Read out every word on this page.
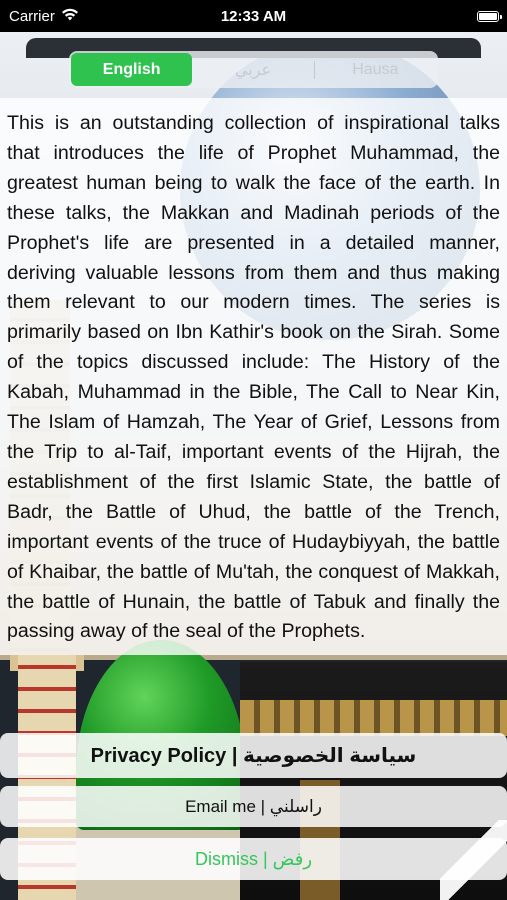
Carrier	12:33 AM
English	عربي	Hausa
This is an outstanding collection of inspirational talks that introduces the life of Prophet Muhammad, the greatest human being to walk the face of the earth. In these talks, the Makkan and Madinah periods of the Prophet's life are presented in a detailed manner, deriving valuable lessons from them and thus making them relevant to our modern times. The series is primarily based on Ibn Kathir's book on the Sirah. Some of the topics discussed include: The History of the Kabah, Muhammad in the Bible, The Call to Near Kin, The Islam of Hamzah, The Year of Grief, Lessons from the Trip to al-Taif, important events of the Hijrah, the establishment of the first Islamic State, the battle of Badr, the Battle of Uhud, the battle of the Trench, important events of the truce of Hudaybiyyah, the battle of Khaibar, the battle of Mu'tah, the conquest of Makkah, the battle of Hunain, the battle of Tabuk and finally the passing away of the seal of the Prophets.
Privacy Policy | سياسة الخصوصية
Email me | راسلني
Dismiss | رفض
